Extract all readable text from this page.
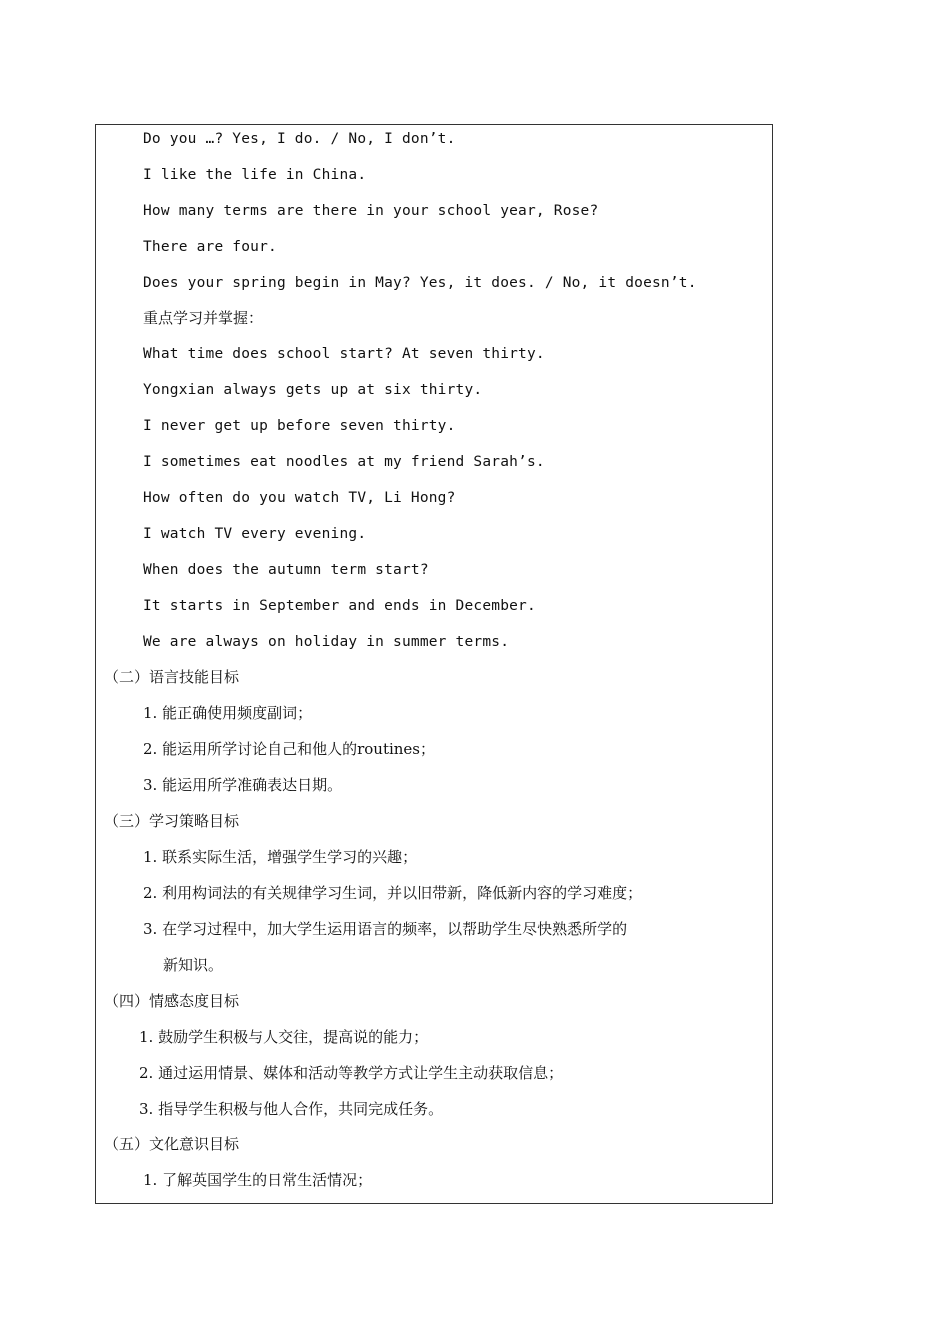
Do you …? Yes, I do. / No, I don’t.
I like the life in China.
How many terms are there in your school year, Rose?
There are four.
Does your spring begin in May? Yes, it does. / No, it doesn’t.
重点学习并掌握：
What time does school start? At seven thirty.
Yongxian always gets up at six thirty.
I never get up before seven thirty.
I sometimes eat noodles at my friend Sarah’s.
How often do you watch TV, Li Hong?
I watch TV every evening.
When does the autumn term start?
It starts in September and ends in December.
We are always on holiday in summer terms.
（二）语言技能目标
1. 能正确使用频度副词；
2. 能运用所学讨论自己和他人的routines；
3. 能运用所学准确表达日期。
（三）学习策略目标
1. 联系实际生活，增强学生学习的兴趣；
2. 利用构词法的有关规律学习生词，并以旧带新，降低新内容的学习难度；
3. 在学习过程中，加大学生运用语言的频率，以帮助学生尽快熟悉所学的
新知识。
（四）情感态度目标
1. 鼓励学生积极与人交往，提高说的能力；
2. 通过运用情景、媒体和活动等教学方式让学生主动获取信息；
3. 指导学生积极与他人合作，共同完成任务。
（五）文化意识目标
1. 了解英国学生的日常生活情况；
